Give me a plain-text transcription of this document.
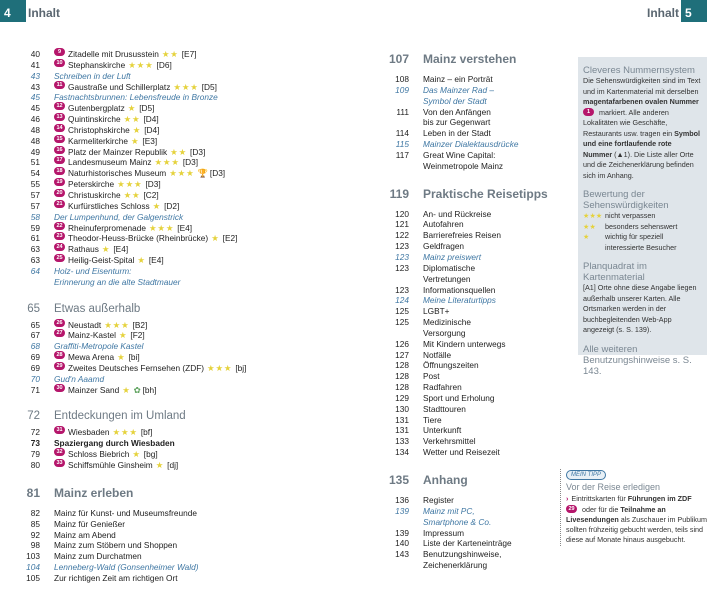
4 Inhalt	5
Inhalt
40	9 Zitadelle mit Drususstein ★★ [E7]
41	10 Stephanskirche ★★★ [D6]
43 Schreiben in der Luft
43	11 Gaustraße und Schillerplatz ★★★ [D5]
45 Fastnachtsbrunnen: Lebensfreude in Bronze
45	12 Gutenbergplatz ★ [D5]
46	13 Quintinskirche ★★ [D4]
48	14 Christophskirche ★ [D4]
48	15 Karmeliterkirche ★ [E3]
49	16 Platz der Mainzer Republik ★★ [D3]
51	17 Landesmuseum Mainz ★★★ [D3]
54	18 Naturhistorisches Museum ★★★ 🏆 [D3]
55	19 Peterskirche ★★★ [D3]
57	20 Christuskirche ★★ [C2]
57	21 Kurfürstliches Schloss ★ [D2]
58 Der Lumpenhund, der Galgenstrick
59	22 Rheinuferpromenade ★★★ [E4]
61	23 Theodor-Heuss-Brücke (Rheinbrücke) ★ [E2]
63	24 Rathaus ★ [E4]
63	25 Heilig-Geist-Spital ★ [E4]
64 Holz- und Eisenturm:
Erinnerung an die alte Stadtmauer
65 Etwas außerhalb
65	26 Neustadt ★★★ [B2]
67	27 Mainz-Kastel ★ [F2]
68 Graffiti-Metropole Kastel
69	28 Mewa Arena ★ [bi]
69	29 Zweites Deutsches Fernsehen (ZDF) ★★★ [bj]
70 Gud'n Aaamd
71	30 Mainzer Sand ★ ✿ [bh]
72 Entdeckungen im Umland
72	31 Wiesbaden ★★★ [bf]
73 Spaziergang durch Wiesbaden
79	32 Schloss Biebrich ★ [bg]
80	33 Schiffsmühle Ginsheim ★ [dj]
81 Mainz erleben
82 Mainz für Kunst- und Museumsfreunde
85 Mainz für Genießer
92 Mainz am Abend
98 Mainz zum Stöbern und Shoppen
103 Mainz zum Durchatmen
104 Lenneberg-Wald (Gonsenheimer Wald)
105 Zur richtigen Zeit am richtigen Ort
107 Mainz verstehen
108 Mainz – ein Porträt
109 Das Mainzer Rad –
Symbol der Stadt
111 Von den Anfängen
bis zur Gegenwart
114 Leben in der Stadt
115 Mainzer Dialektausdrücke
117 Great Wine Capital:
Weinmetropole Mainz
119 Praktische Reisetipps
120 An- und Rückreise
121 Autofahren
122 Barrierefreies Reisen
123 Geldfragen
123 Mainz preiswert
123 Diplomatische
Vertretungen
123 Informationsquellen
124 Meine Literaturtipps
125 LGBT+
125 Medizinische
Versorgung
126 Mit Kindern unterwegs
127 Notfälle
128 Öffnungszeiten
128 Post
128 Radfahren
129 Sport und Erholung
130 Stadttouren
131 Tiere
131 Unterkunft
133 Verkehrsmittel
134 Wetter und Reisezeit
135 Anhang
136 Register
139 Mainz mit PC,
Smartphone & Co.
139 Impressum
140 Liste der Karteneinträge
143 Benutzungshinweise,
Zeichenerklärung
Cleveres Nummernsystem

Die Sehenswürdigkeiten sind im Text und im Kartenmaterial mit derselben magentafarbenen ovalen Nummer 1 markiert. Alle anderen Lokalitäten wie Geschäfte, Restaurants usw. tragen ein Symbol und eine fortlaufende rote Nummer (▲1). Die Liste aller Orte und die Zeichenerklärung befinden sich im Anhang.

Bewertung der Sehenswürdigkeiten
★★★ nicht verpassen
★★	besonders sehenswert
★	wichtig für speziell interessierte Besucher
Planquadrat im Kartenmaterial

[A1] Orte ohne diese Angabe liegen außerhalb unserer Karten. Alle Ortsmarken werden in der buchbegleitenden Web-App angezeigt (s. S. 139).

Alle weiteren Benutzungshinweise s. S. 143.
MEIN TIPP
Vor der Reise erledigen
› Eintrittskarten für Führungen im ZDF 29 oder für die Teilnahme an Livesendungen als Zuschauer im Publikum sollten frühzeitig gebucht werden, teils sind diese auf Monate hinaus ausgebucht.
